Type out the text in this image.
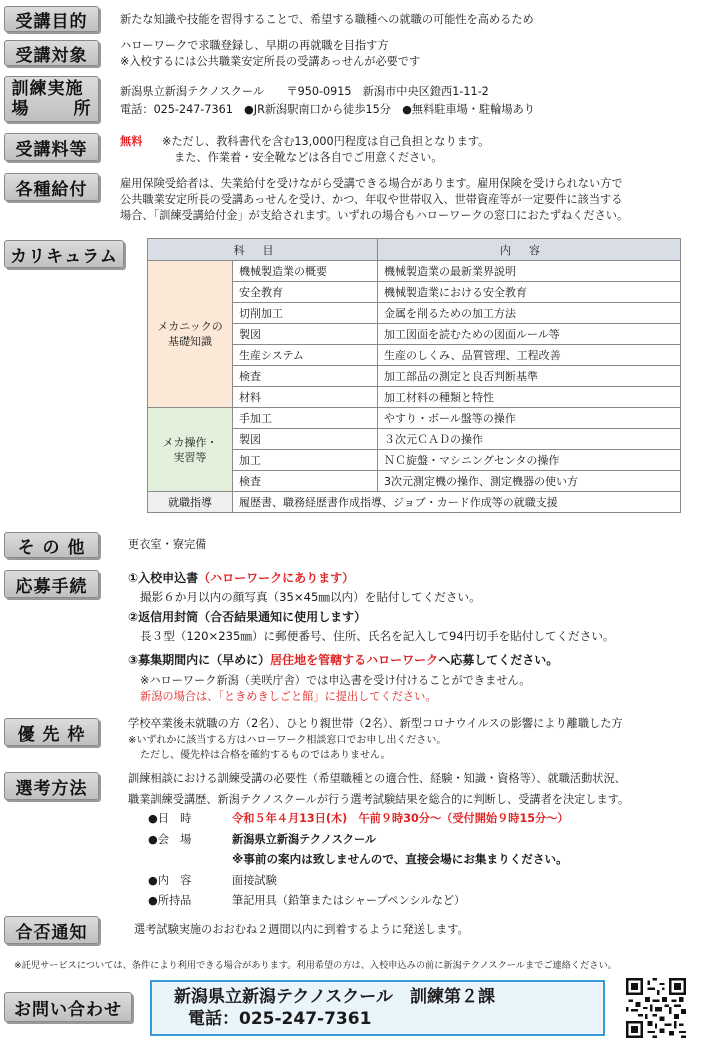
受講目的	新たな知識や技能を習得することで、希望する職種への就職の可能性を高めるため
受講対象	ハローワークで求職登録し、早期の再就職を目指す方
※入校するには公共職業安定所長の受講あっせんが必要です
訓練実施
場所
新潟県立新潟テクノスクール　　〒950-0915　新潟市中央区鐙西1-11-2
電話：025-247-7361　●JR新潟駅南口から徒歩15分　●無料駐車場・駐輪場あり
受講料等	無料 ※ただし、教科書代を含む13,000円程度は自己負担となります。
また、作業着・安全靴などは各自でご用意ください。
各種給付	雇用保険受給者は、失業給付を受けながら受講できる場合があります。雇用保険を受けられない方で
公共職業安定所長の受講あっせんを受け、かつ、年収や世帯収入、世帯資産等が一定要件に該当する
場合、「訓練受講給付金」が支給されます。いずれの場合もハローワークの窓口におたずねください。
カリキュラム	科目		内容
メカニックの
基礎知識	機械製造業の概要	機械製造業の最新業界説明
	安全教育	機械製造業における安全教育
	切削加工	金属を削るための加工方法
	製図	加工図面を読むための図面ルール等
	生産システム	生産のしくみ、品質管理、工程改善
	検査	加工部品の測定と良否判断基準
	材料	加工材料の種類と特性
メカ操作・
実習等	手加工	やすり・ボール盤等の操作
	製図	３次元ＣＡＤの操作
	加工	ＮＣ旋盤・マシニングセンタの操作
	検査	3次元測定機の操作、測定機器の使い方
就職指導	履歴書、職務経歴書作成指導、ジョブ・カード作成等の就職支援	
そ の 他	更衣室・寮完備
応募手続	①入校申込書（ハローワークにあります）
撮影６か月以内の顔写真（35×45㎜以内）を貼付してください。
②返信用封筒（合否結果通知に使用します）
長３型（120×235㎜）に郵便番号、住所、氏名を記入して94円切手を貼付してください。
③募集期間内に（早めに）居住地を管轄するハローワークへ応募してください。
※ハローワーク新潟（美咲庁舎）では申込書を受け付けることができません。
新潟の場合は、「ときめきしごと館」に提出してください。
優 先 枠
学校卒業後未就職の方（2名）、ひとり親世帯（2名）、新型コロナウイルスの影響により離職した方
※いずれかに該当する方はハローワーク相談窓口でお申し出ください。
ただし、優先枠は合格を確約するものではありません。
選考方法	訓練相談における訓練受講の必要性（希望職種との適合性、経験・知識・資格等）、就職活動状況、
職業訓練受講歴、新潟テクノスクールが行う選考試験結果を総合的に判断し、受講者を決定します。
●日　時	令和５年４月13日(木)　午前９時30分～（受付開始９時15分～）
●会　場	新潟県立新潟テクノスクール
※事前の案内は致しませんので、直接会場にお集まりください。
●内　容	面接試験
●所持品	筆記用具（鉛筆またはシャープペンシルなど）
合否通知	選考試験実施のおおむね２週間以内に到着するように発送します。
※託児サービスについては、条件により利用できる場合があります。利用希望の方は、入校申込みの前に新潟テクノスクールまでご連絡ください。
お問い合わせ
新潟県立新潟テクノスクール　訓練第２課
電話：025-247-7361
